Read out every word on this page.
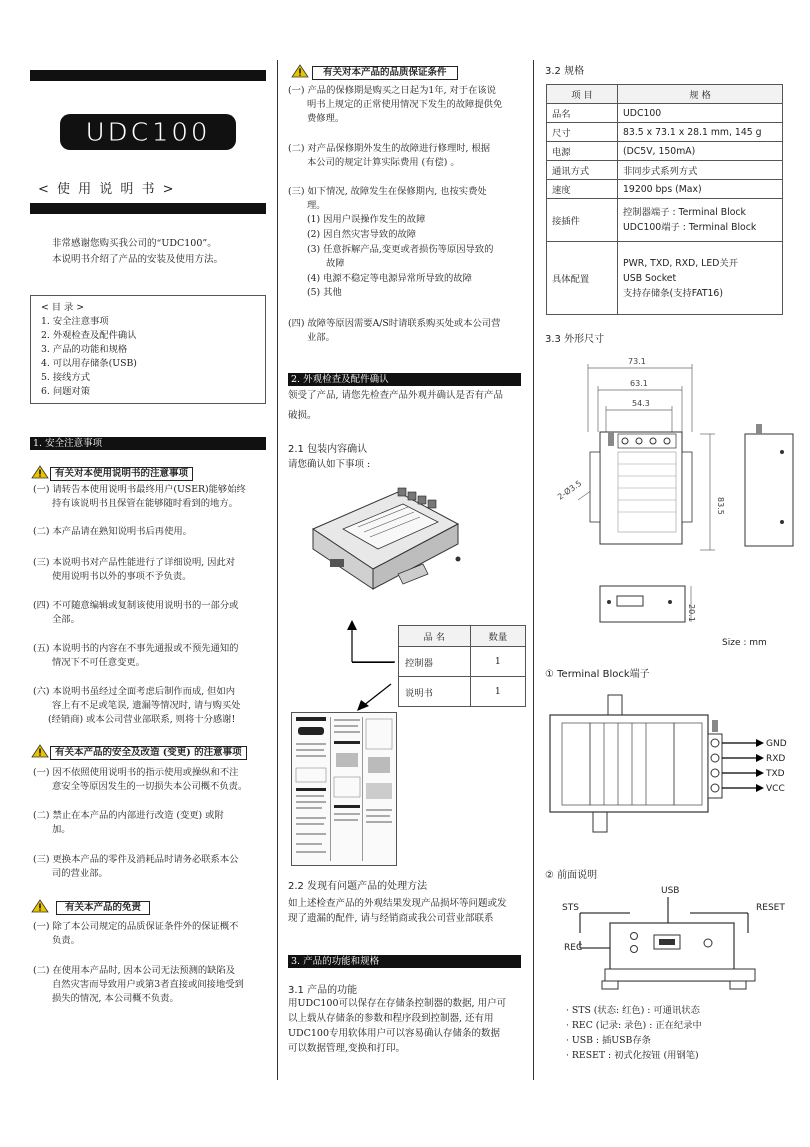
UDC100
< 使 用 说 明 书 >
非常感谢您购买我公司的“UDC100”。
本说明书介绍了产品的安装及使用方法。
< 目 录 >
1. 安全注意事项
2. 外观检查及配件确认
3. 产品的功能和规格
4. 可以用存储条(USB)
5. 接线方式
6. 问题对策
1. 安全注意事项
有关对本使用说明书的注意事项
(一) 请转告本使用说明书最终用户(USER)能够始终
持有该说明书且保管在能够随时看到的地方。
(二) 本产品请在熟知说明书后再使用。
(三) 本说明书对产品性能进行了详细说明, 因此对
使用说明书以外的事项不予负责。
(四) 不可随意编辑或复制该使用说明书的一部分或
全部。
(五) 本说明书的内容在不事先通报或不预先通知的
情况下不可任意变更。
(六) 本说明书虽经过全面考虑后制作而成, 但如内
容上有不足或笔误, 遗漏等情况时, 请与购买处
(经销商) 或本公司营业部联系, 则将十分感谢!
有关本产品的安全及改造 (变更) 的注意事项
(一) 因不依照使用说明书的指示使用或操纵和不注
意安全等原因发生的一切损失本公司概不负责。
(二) 禁止在本产品的内部进行改造 (变更) 或附
加。
(三) 更换本产品的零件及消耗品时请务必联系本公
司的营业部。
有关本产品的免责
(一) 除了本公司规定的品质保证条件外的保证概不
负责。
(二) 在使用本产品时, 因本公司无法预测的缺陷及
自然灾害而导致用户或第3者直接或间接地受到
损失的情况, 本公司概不负责。
有关对本产品的品质保证条件
(一) 产品的保修期是购买之日起为1年, 对于在该说
明书上规定的正常使用情况下发生的故障提供免
费修理。
(二) 对产品保修期外发生的故障进行修理时, 根据
本公司的规定计算实际费用 (有偿) 。
(三) 如下情况, 故障发生在保修期内, 也按实费处
理。
(1) 因用户误操作发生的故障
(2) 因自然灾害导致的故障
(3) 任意拆解产品,变更或者损伤等原因导致的
故障
(4) 电源不稳定等电源异常所导致的故障
(5) 其他
(四) 故障等原因需要A/S时请联系购买处或本公司营
业部。
2. 外观检查及配件确认
领受了产品, 请您先检查产品外观并确认是否有产品
破损。
2.1 包装内容确认
请您确认如下事项 :
品 名	数量
控制器	1
说明书	1
2.2 发现有问题产品的处理方法
如上述检查产品的外观结果发现产品损坏等问题或发
现了遗漏的配件, 请与经销商或我公司营业部联系
3. 产品的功能和规格
3.1 产品的功能
用UDC100可以保存在存储条控制器的数据, 用户可
以上载从存储条的参数和程序段到控制器, 还有用
UDC100专用软体用户可以容易确认存储条的数据
可以数据管理,变换和打印。
3.2 规格
项 目	规 格
品名	UDC100
尺寸	83.5 x 73.1 x 28.1 mm, 145 g
电源	(DC5V, 150mA)
通讯方式	非同步式系列方式
速度	19200 bps (Max)
接插件	控制器端子 : Terminal Block
UDC100端子 : Terminal Block

具体配置	PWR, TXD, RXD, LED关开
USB Socket
支持存储条(支持FAT16)
3.3 外形尺寸
73.1
63.1
54.3
83.5
2-Ø3.5
20.1
Size : mm
① Terminal Block端子
GND
RXD
TXD
VCC
② 前面说明
USB
STS	RESET
REC
· STS (状态: 红色) : 可通讯状态
· REC (记录: 录色) : 正在纪录中
· USB : 插USB存条
· RESET : 初式化按钮 (用钢笔)
